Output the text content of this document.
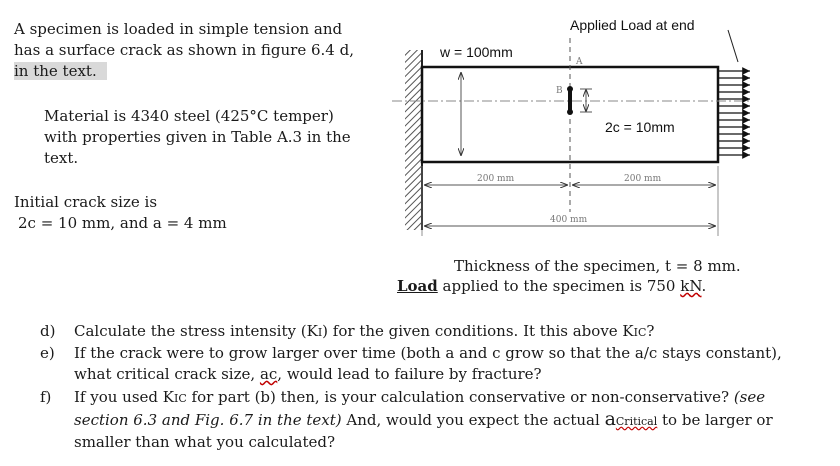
A specimen is loaded in simple tension and
has a surface crack as shown in figure 6.4 d,
in the text.
Material is 4340 steel (425°C temper)
with properties given in Table A.3 in the
text.
Initial crack size is
2c = 10 mm, and a = 4 mm
Applied Load at end
w = 100mm
2c = 10mm
A
B
200 mm	200 mm
400 mm
Thickness of the specimen, t = 8 mm.
Load applied to the specimen is 750 kN.
d) Calculate the stress intensity (KI) for the given conditions. It this above KIC?
e) If the crack were to grow larger over time (both a and c grow so that the a/c stays constant),
what critical crack size, ac, would lead to failure by fracture?
f) If you used KIC for part (b) then, is your calculation conservative or non-conservative? (see
section 6.3 and Fig. 6.7 in the text) And, would you expect the actual aCritical to be larger or
smaller than what you calculated?
